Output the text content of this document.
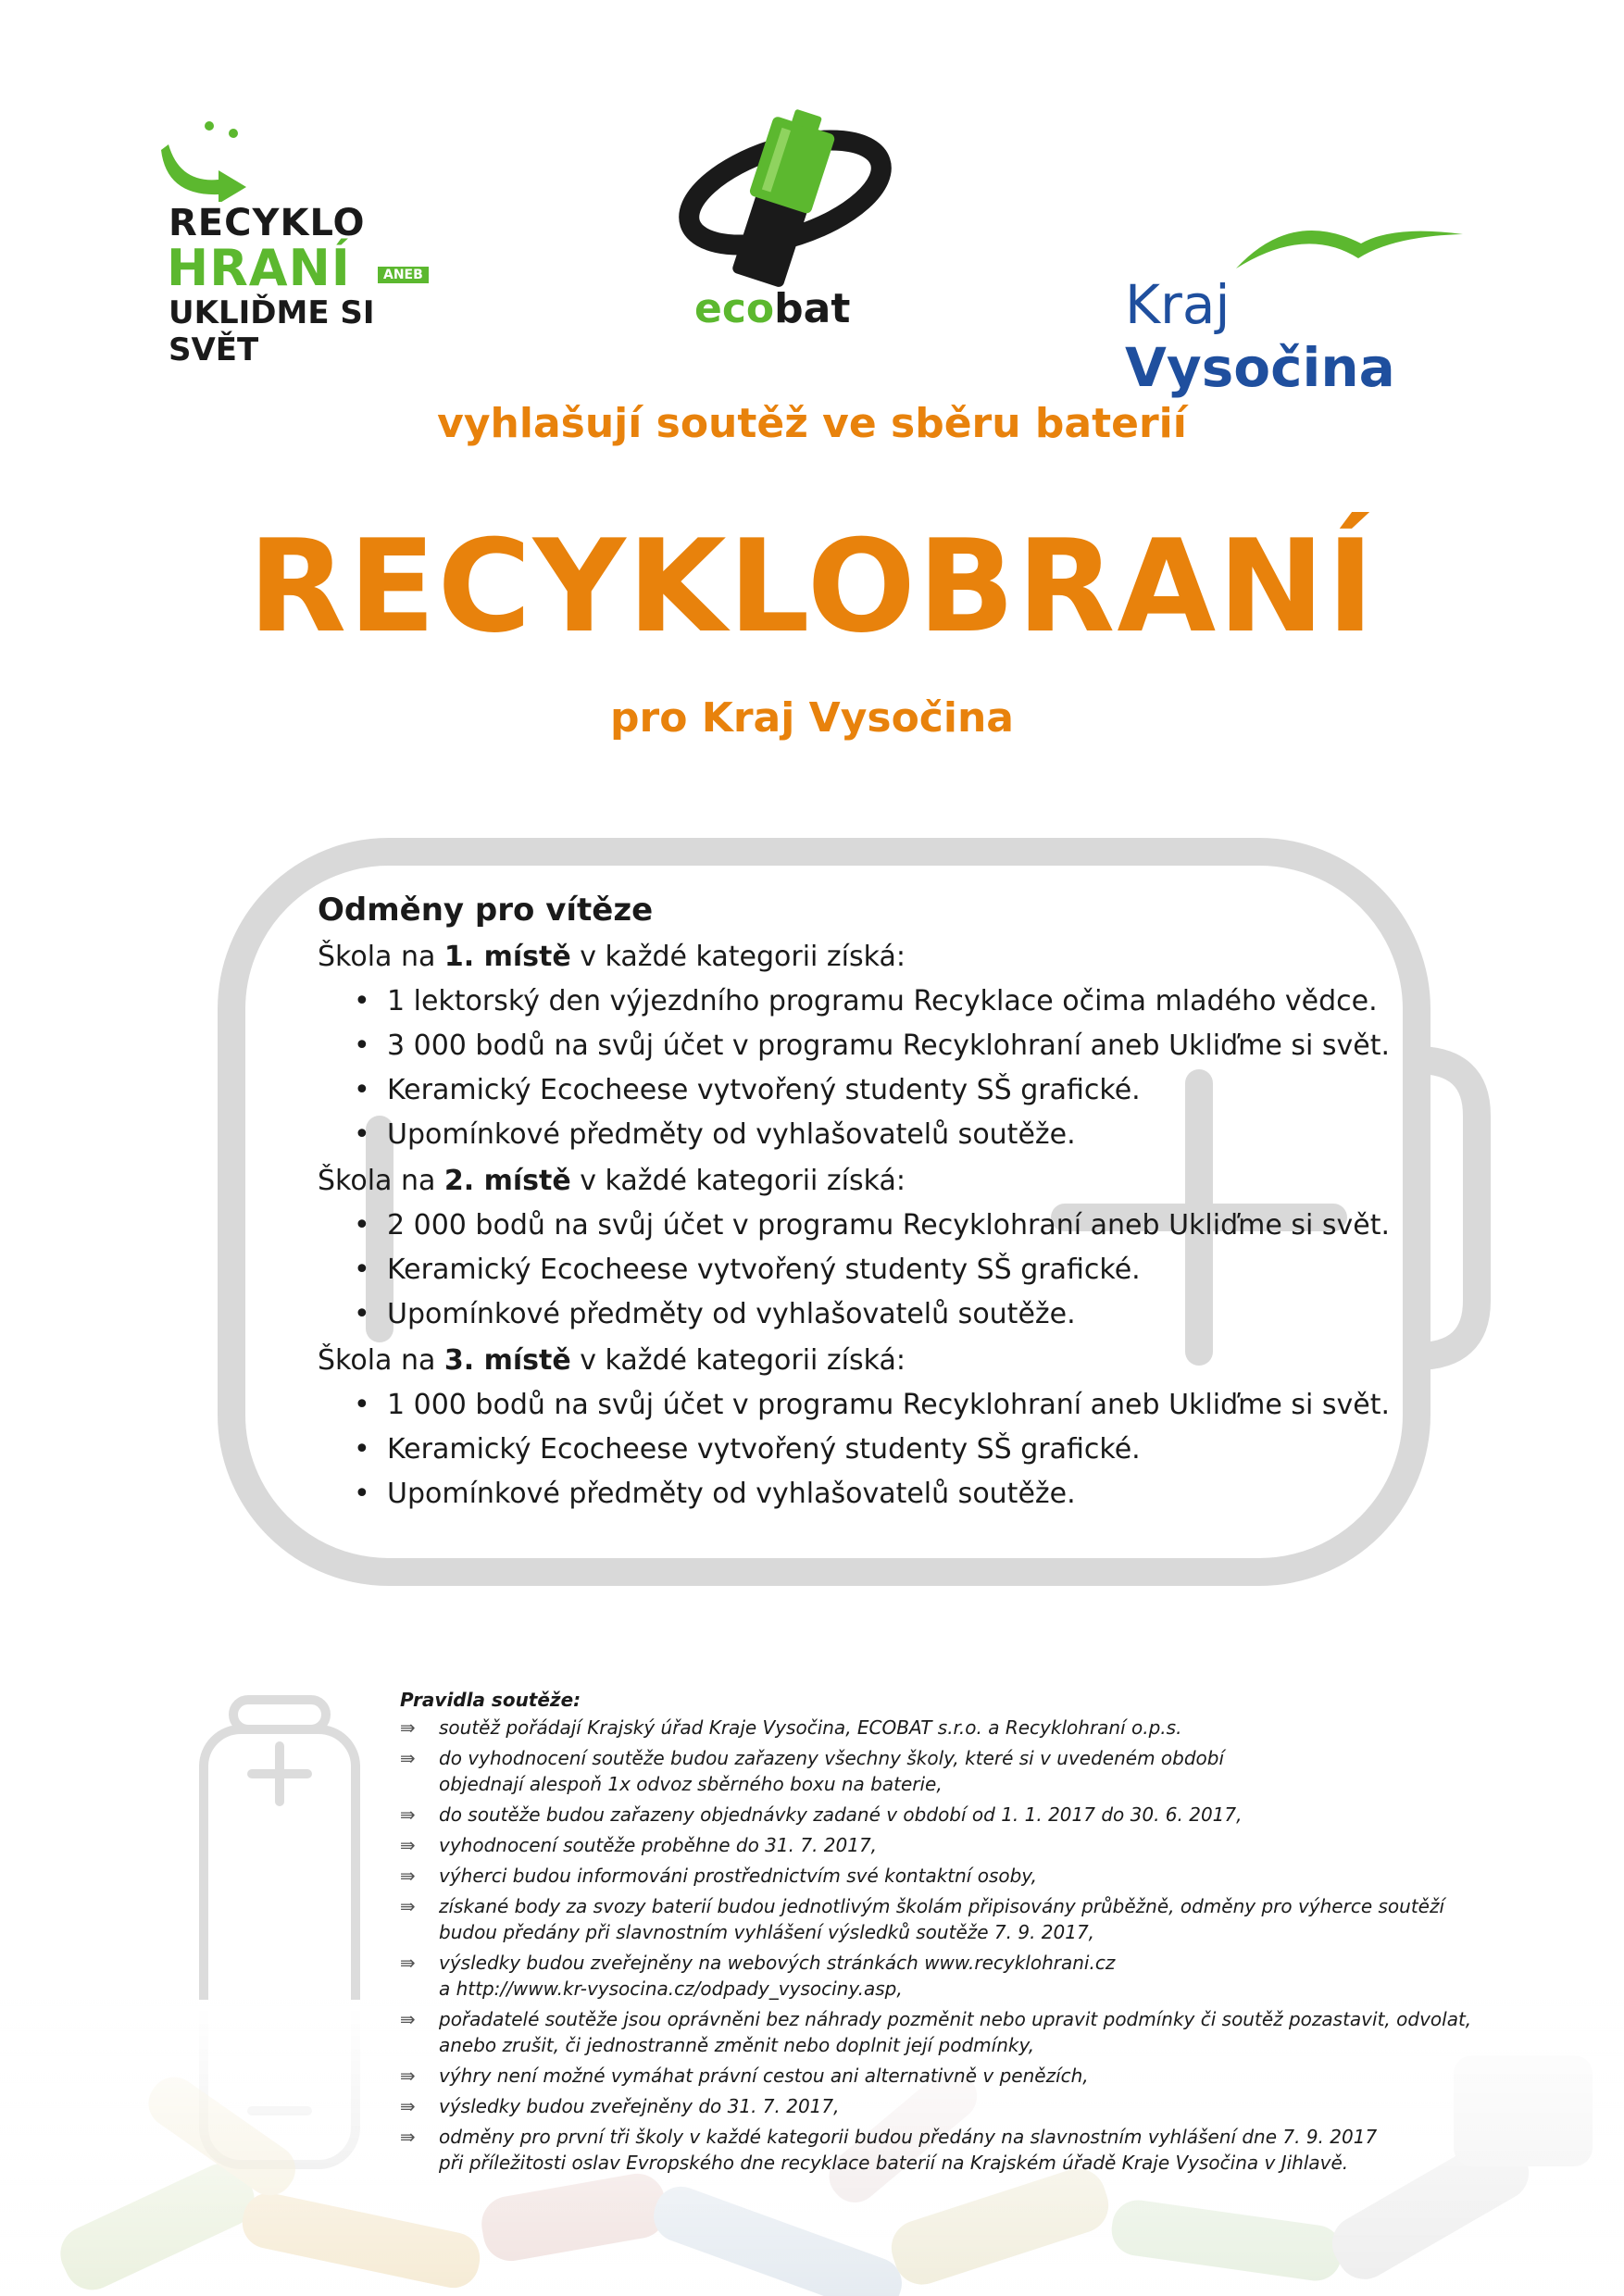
RECYKLO
HRANÍ	ANEB
UKLIĎME SI SVĚT
ecobat	Kraj Vysočina
vyhlašují soutěž ve sběru baterií
RECYKLOBRANÍ
pro Kraj Vysočina
Odměny pro vítěze
Škola na 1. místě v každé kategorii získá:
• 1 lektorský den výjezdního programu Recyklace očima mladého vědce.
• 3 000 bodů na svůj účet v programu Recyklohraní aneb Ukliďme si svět.
• Keramický Ecocheese vytvořený studenty SŠ grafické.
• Upomínkové předměty od vyhlašovatelů soutěže.
Škola na 2. místě v každé kategorii získá:
• 2 000 bodů na svůj účet v programu Recyklohraní aneb Ukliďme si svět.
• Keramický Ecocheese vytvořený studenty SŠ grafické.
• Upomínkové předměty od vyhlašovatelů soutěže.
Škola na 3. místě v každé kategorii získá:
• 1 000 bodů na svůj účet v programu Recyklohraní aneb Ukliďme si svět.
• Keramický Ecocheese vytvořený studenty SŠ grafické.
• Upomínkové předměty od vyhlašovatelů soutěže.
Pravidla soutěže:
⇛ soutěž pořádají Krajský úřad Kraje Vysočina, ECOBAT s.r.o. a Recyklohraní o.p.s.
⇛ do vyhodnocení soutěže budou zařazeny všechny školy, které si v uvedeném období
objednají alespoň 1x odvoz sběrného boxu na baterie,
⇛ do soutěže budou zařazeny objednávky zadané v období od 1. 1. 2017 do 30. 6. 2017,
⇛ vyhodnocení soutěže proběhne do 31. 7. 2017,
⇛ výherci budou informováni prostřednictvím své kontaktní osoby,
⇛ získané body za svozy baterií budou jednotlivým školám připisovány průběžně, odměny pro výherce soutěží
budou předány při slavnostním vyhlášení výsledků soutěže 7. 9. 2017,
⇛ výsledky budou zveřejněny na webových stránkách www.recyklohrani.cz
a http://www.kr-vysocina.cz/odpady_vysociny.asp,
⇛ pořadatelé soutěže jsou oprávněni bez náhrady pozměnit nebo upravit podmínky či soutěž pozastavit, odvolat,
anebo zrušit, či jednostranně změnit nebo doplnit její podmínky,
⇛ výhry není možné vymáhat právní cestou ani alternativně v penězích,
⇛ výsledky budou zveřejněny do 31. 7. 2017,
⇛ odměny pro první tři školy v každé kategorii budou předány na slavnostním vyhlášení dne 7. 9. 2017
při příležitosti oslav Evropského dne recyklace baterií na Krajském úřadě Kraje Vysočina v Jihlavě.
